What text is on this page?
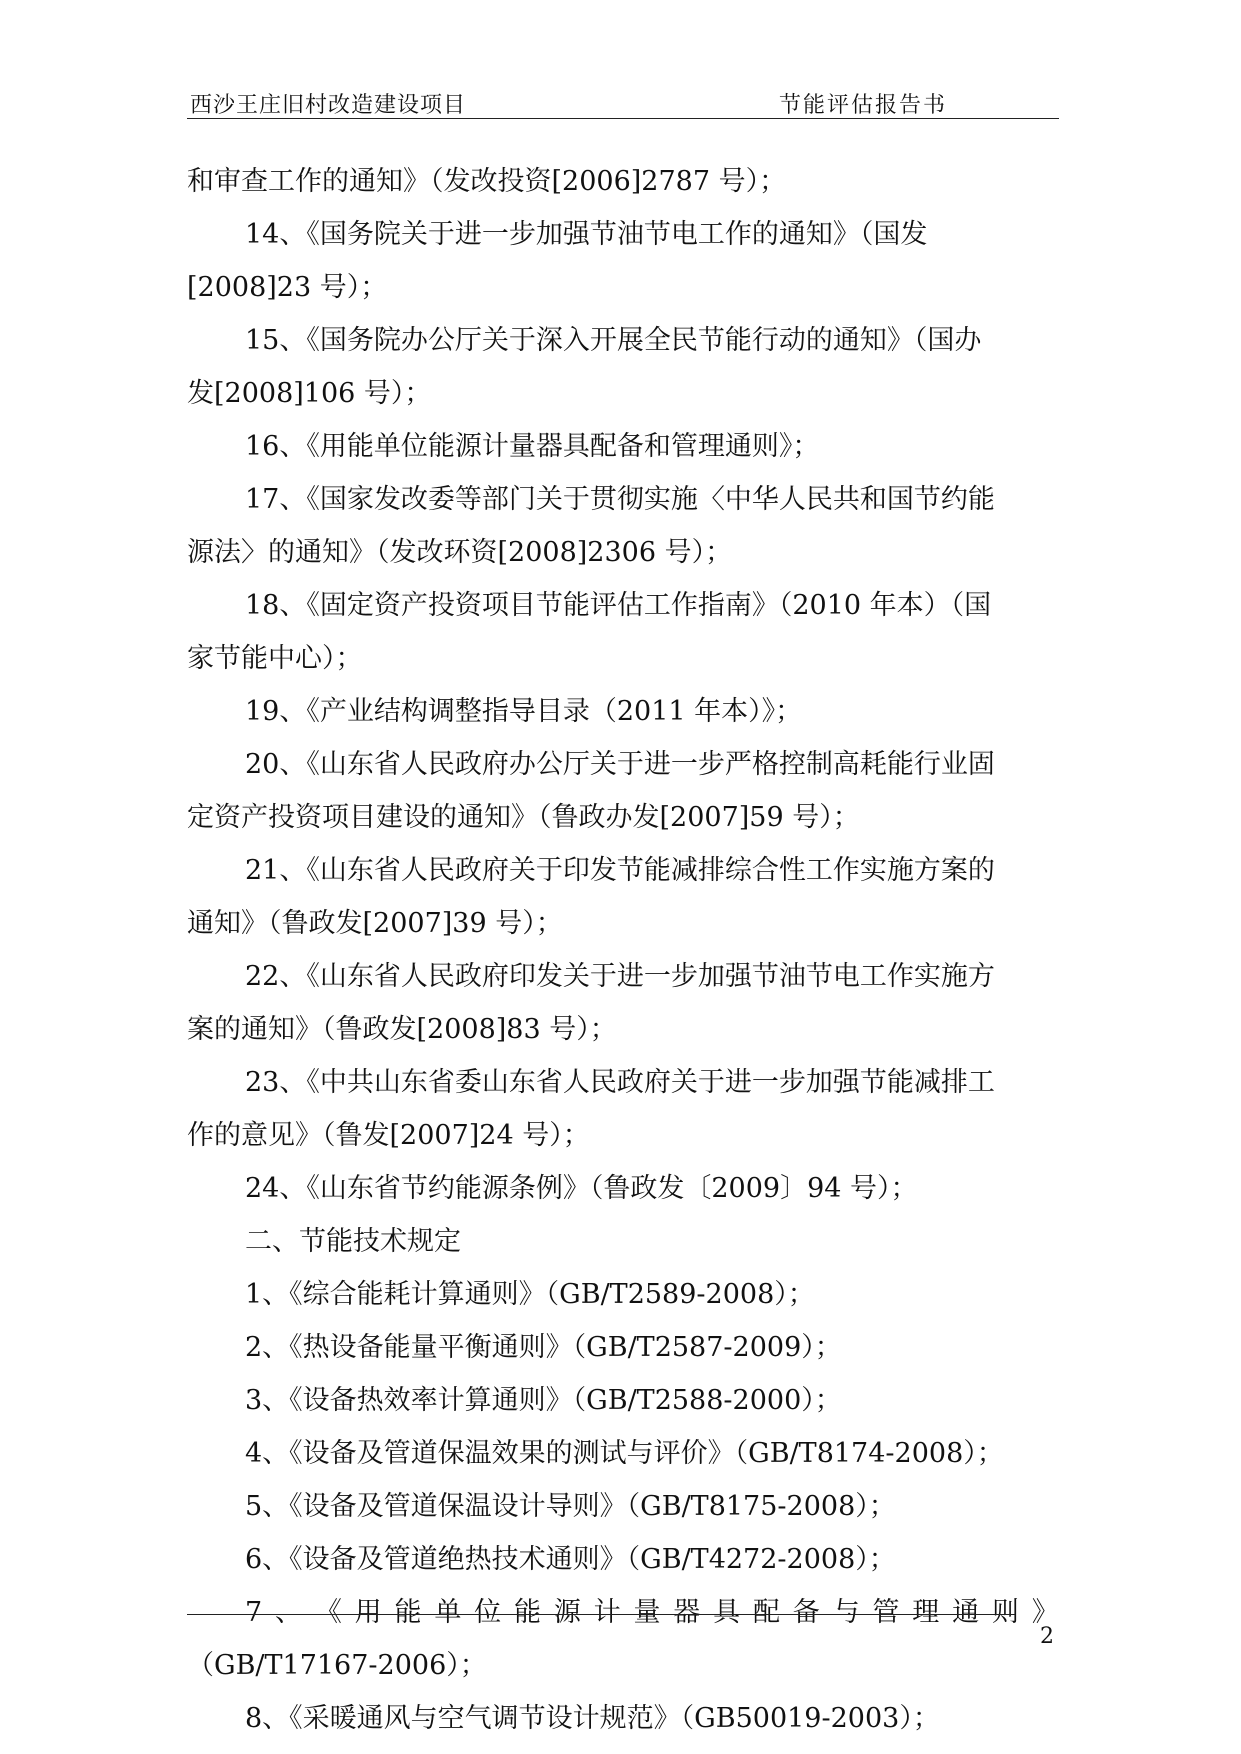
西沙王庄旧村改造建设项目	节能评估报告书
和审查工作的通知》（发改投资[2006]2787 号）；
14、《国务院关于进一步加强节油节电工作的通知》（国发
[2008]23 号）；
15、《国务院办公厅关于深入开展全民节能行动的通知》（国办
发[2008]106 号）；
16、《用能单位能源计量器具配备和管理通则》；
17、《国家发改委等部门关于贯彻实施〈中华人民共和国节约能
源法〉的通知》（发改环资[2008]2306 号）；
18、《固定资产投资项目节能评估工作指南》（2010 年本）（国
家节能中心）；
19、《产业结构调整指导目录（2011 年本）》；
20、《山东省人民政府办公厅关于进一步严格控制高耗能行业固
定资产投资项目建设的通知》（鲁政办发[2007]59 号）；
21、《山东省人民政府关于印发节能减排综合性工作实施方案的
通知》（鲁政发[2007]39 号）；
22、《山东省人民政府印发关于进一步加强节油节电工作实施方
案的通知》（鲁政发[2008]83 号）；
23、《中共山东省委山东省人民政府关于进一步加强节能减排工
作的意见》（鲁发[2007]24 号）；
24、《山东省节约能源条例》（鲁政发〔2009〕94 号）；
二、节能技术规定
1、《综合能耗计算通则》（GB/T2589-2008）；
2、《热设备能量平衡通则》（GB/T2587-2009）；
3、《设备热效率计算通则》（GB/T2588-2000）；
4、《设备及管道保温效果的测试与评价》（GB/T8174-2008）；
5、《设备及管道保温设计导则》（GB/T8175-2008）；
6、《设备及管道绝热技术通则》（GB/T4272-2008）；
7 、 《 用 能 单 位 能 源 计 量 器 具 配 备 与 管 理 通 则 》
（GB/T17167-2006）；
8、《采暖通风与空气调节设计规范》（GB50019-2003）；
2
